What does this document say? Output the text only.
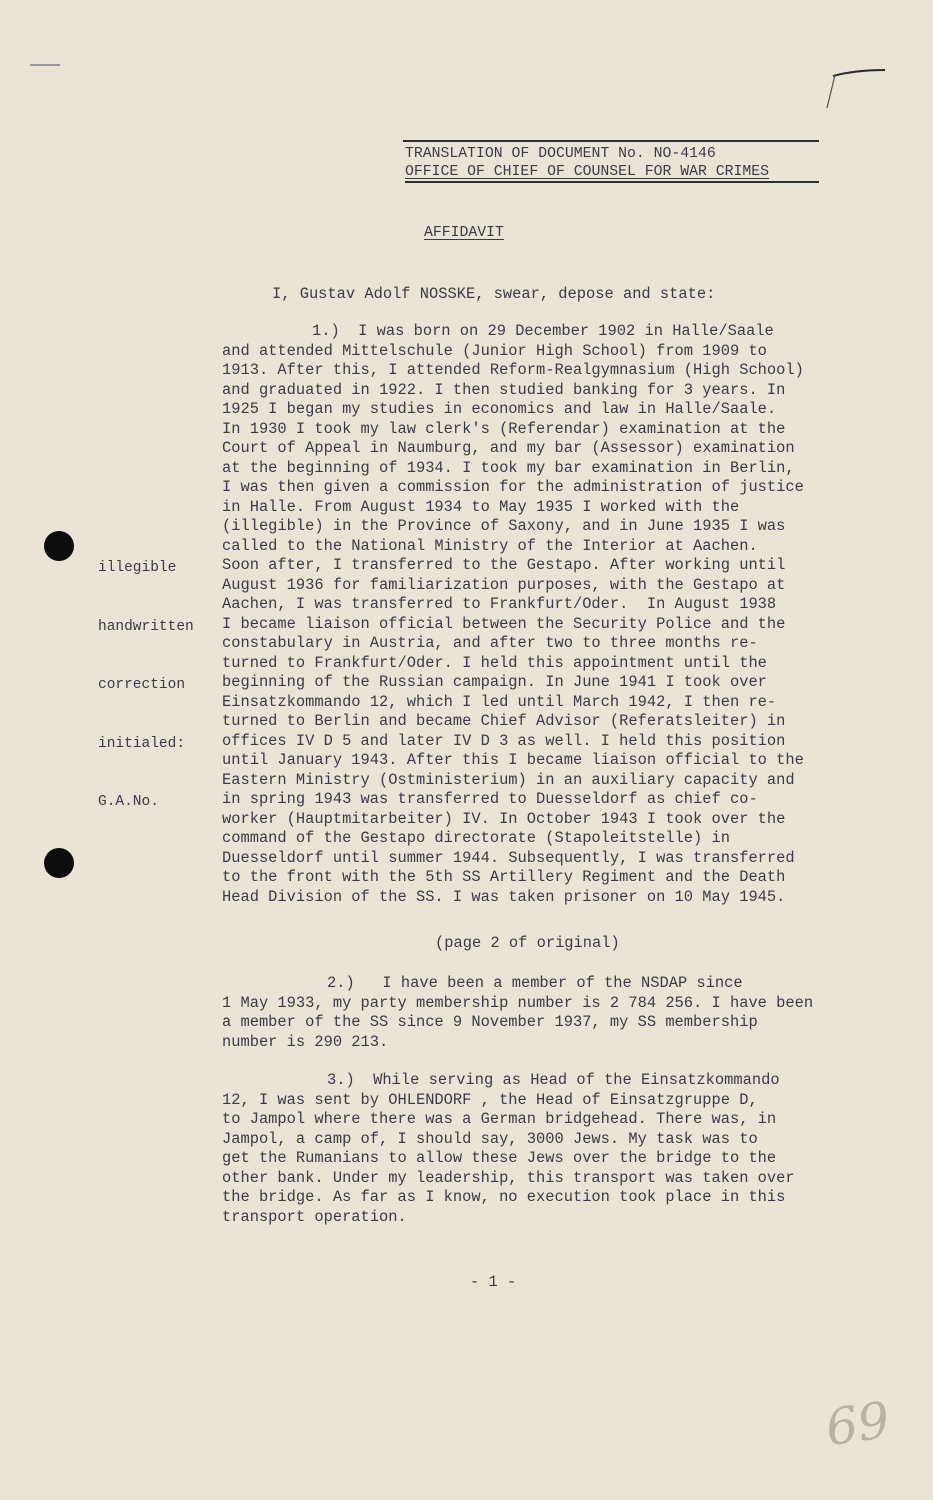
TRANSLATION OF DOCUMENT No. NO-4146
OFFICE OF CHIEF OF COUNSEL FOR WAR CRIMES
AFFIDAVIT
I, Gustav Adolf NOSSKE, swear, depose and state:

illegible

handwritten

correction

initialed:

G.A.No.

1.)  I was born on 29 December 1902 in Halle/Saale
and attended Mittelschule (Junior High School) from 1909 to
1913. After this, I attended Reform-Realgymnasium (High School)
and graduated in 1922. I then studied banking for 3 years. In
1925 I began my studies in economics and law in Halle/Saale.
In 1930 I took my law clerk's (Referendar) examination at the
Court of Appeal in Naumburg, and my bar (Assessor) examination
at the beginning of 1934. I took my bar examination in Berlin,
I was then given a commission for the administration of justice
in Halle. From August 1934 to May 1935 I worked with the
(illegible) in the Province of Saxony, and in June 1935 I was
called to the National Ministry of the Interior at Aachen.
Soon after, I transferred to the Gestapo. After working until
August 1936 for familiarization purposes, with the Gestapo at
Aachen, I was transferred to Frankfurt/Oder.  In August 1938
I became liaison official between the Security Police and the
constabulary in Austria, and after two to three months re-
turned to Frankfurt/Oder. I held this appointment until the
beginning of the Russian campaign. In June 1941 I took over
Einsatzkommando 12, which I led until March 1942, I then re-
turned to Berlin and became Chief Advisor (Referatsleiter) in
offices IV D 5 and later IV D 3 as well. I held this position
until January 1943. After this I became liaison official to the
Eastern Ministry (Ostministerium) in an auxiliary capacity and
in spring 1943 was transferred to Duesseldorf as chief co-
worker (Hauptmitarbeiter) IV. In October 1943 I took over the
command of the Gestapo directorate (Stapoleitstelle) in
Duesseldorf until summer 1944. Subsequently, I was transferred
to the front with the 5th SS Artillery Regiment and the Death
Head Division of the SS. I was taken prisoner on 10 May 1945.
(page 2 of original)
2.)   I have been a member of the NSDAP since
1 May 1933, my party membership number is 2 784 256. I have been
a member of the SS since 9 November 1937, my SS membership
number is 290 213.
3.)  While serving as Head of the Einsatzkommando
12, I was sent by OHLENDORF , the Head of Einsatzgruppe D,
to Jampol where there was a German bridgehead. There was, in
Jampol, a camp of, I should say, 3000 Jews. My task was to
get the Rumanians to allow these Jews over the bridge to the
other bank. Under my leadership, this transport was taken over
the bridge. As far as I know, no execution took place in this
transport operation.
- 1 -
69
